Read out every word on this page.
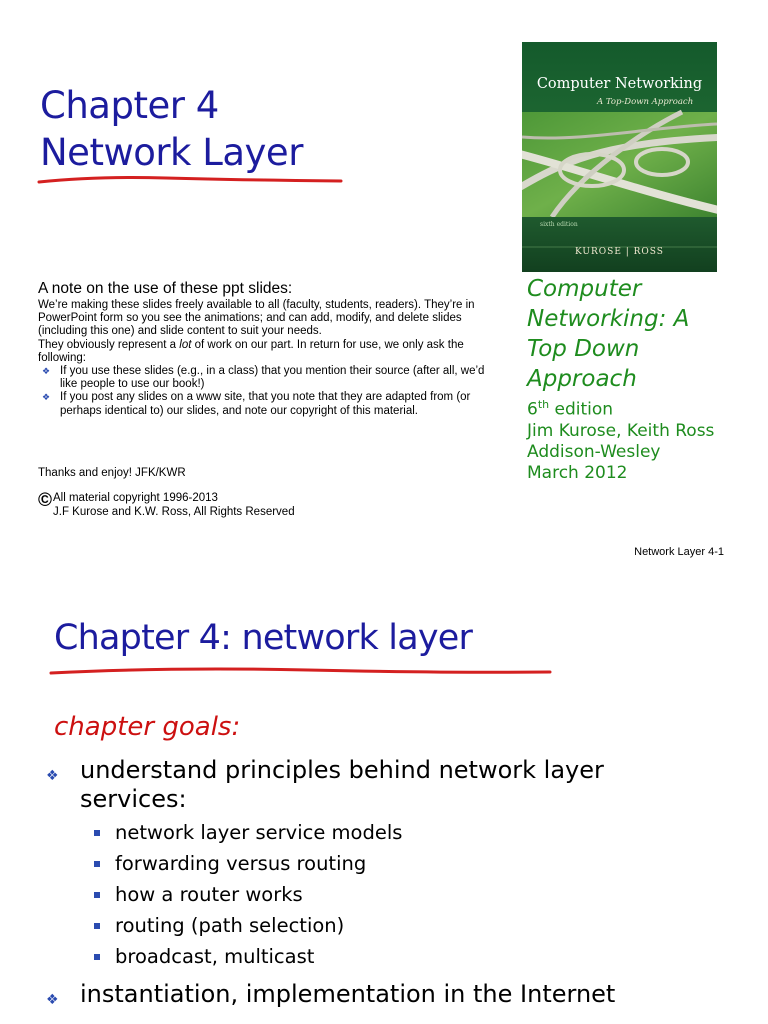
Chapter 4
Network Layer
A note on the use of these ppt slides:

We’re making these slides freely available to all (faculty, students, readers). They’re in PowerPoint form so you see the animations; and can add, modify, and delete slides (including this one) and slide content to suit your needs.

They obviously represent a lot of work on our part. In return for use, we only ask the following:

❖ If you use these slides (e.g., in a class) that you mention their source (after all, we’d like people to use our book!)
❖ If you post any slides on a www site, that you note that they are adapted from (or perhaps identical to) our slides, and note our copyright of this material.
Thanks and enjoy! JFK/KWR
© All material copyright 1996-2013
J.F Kurose and K.W. Ross, All Rights Reserved
Computer Networking
A Top-Down Approach
sixth edition
KUROSE | ROSS
Computer
Networking: A
Top Down
Approach
6th edition
Jim Kurose, Keith Ross
Addison-Wesley
March 2012
Network Layer 4-1
Chapter 4: network layer
chapter goals:
❖ understand principles behind network layer
services:
network layer service models
forwarding versus routing
how a router works
routing (path selection)
broadcast, multicast
❖ instantiation, implementation in the Internet
